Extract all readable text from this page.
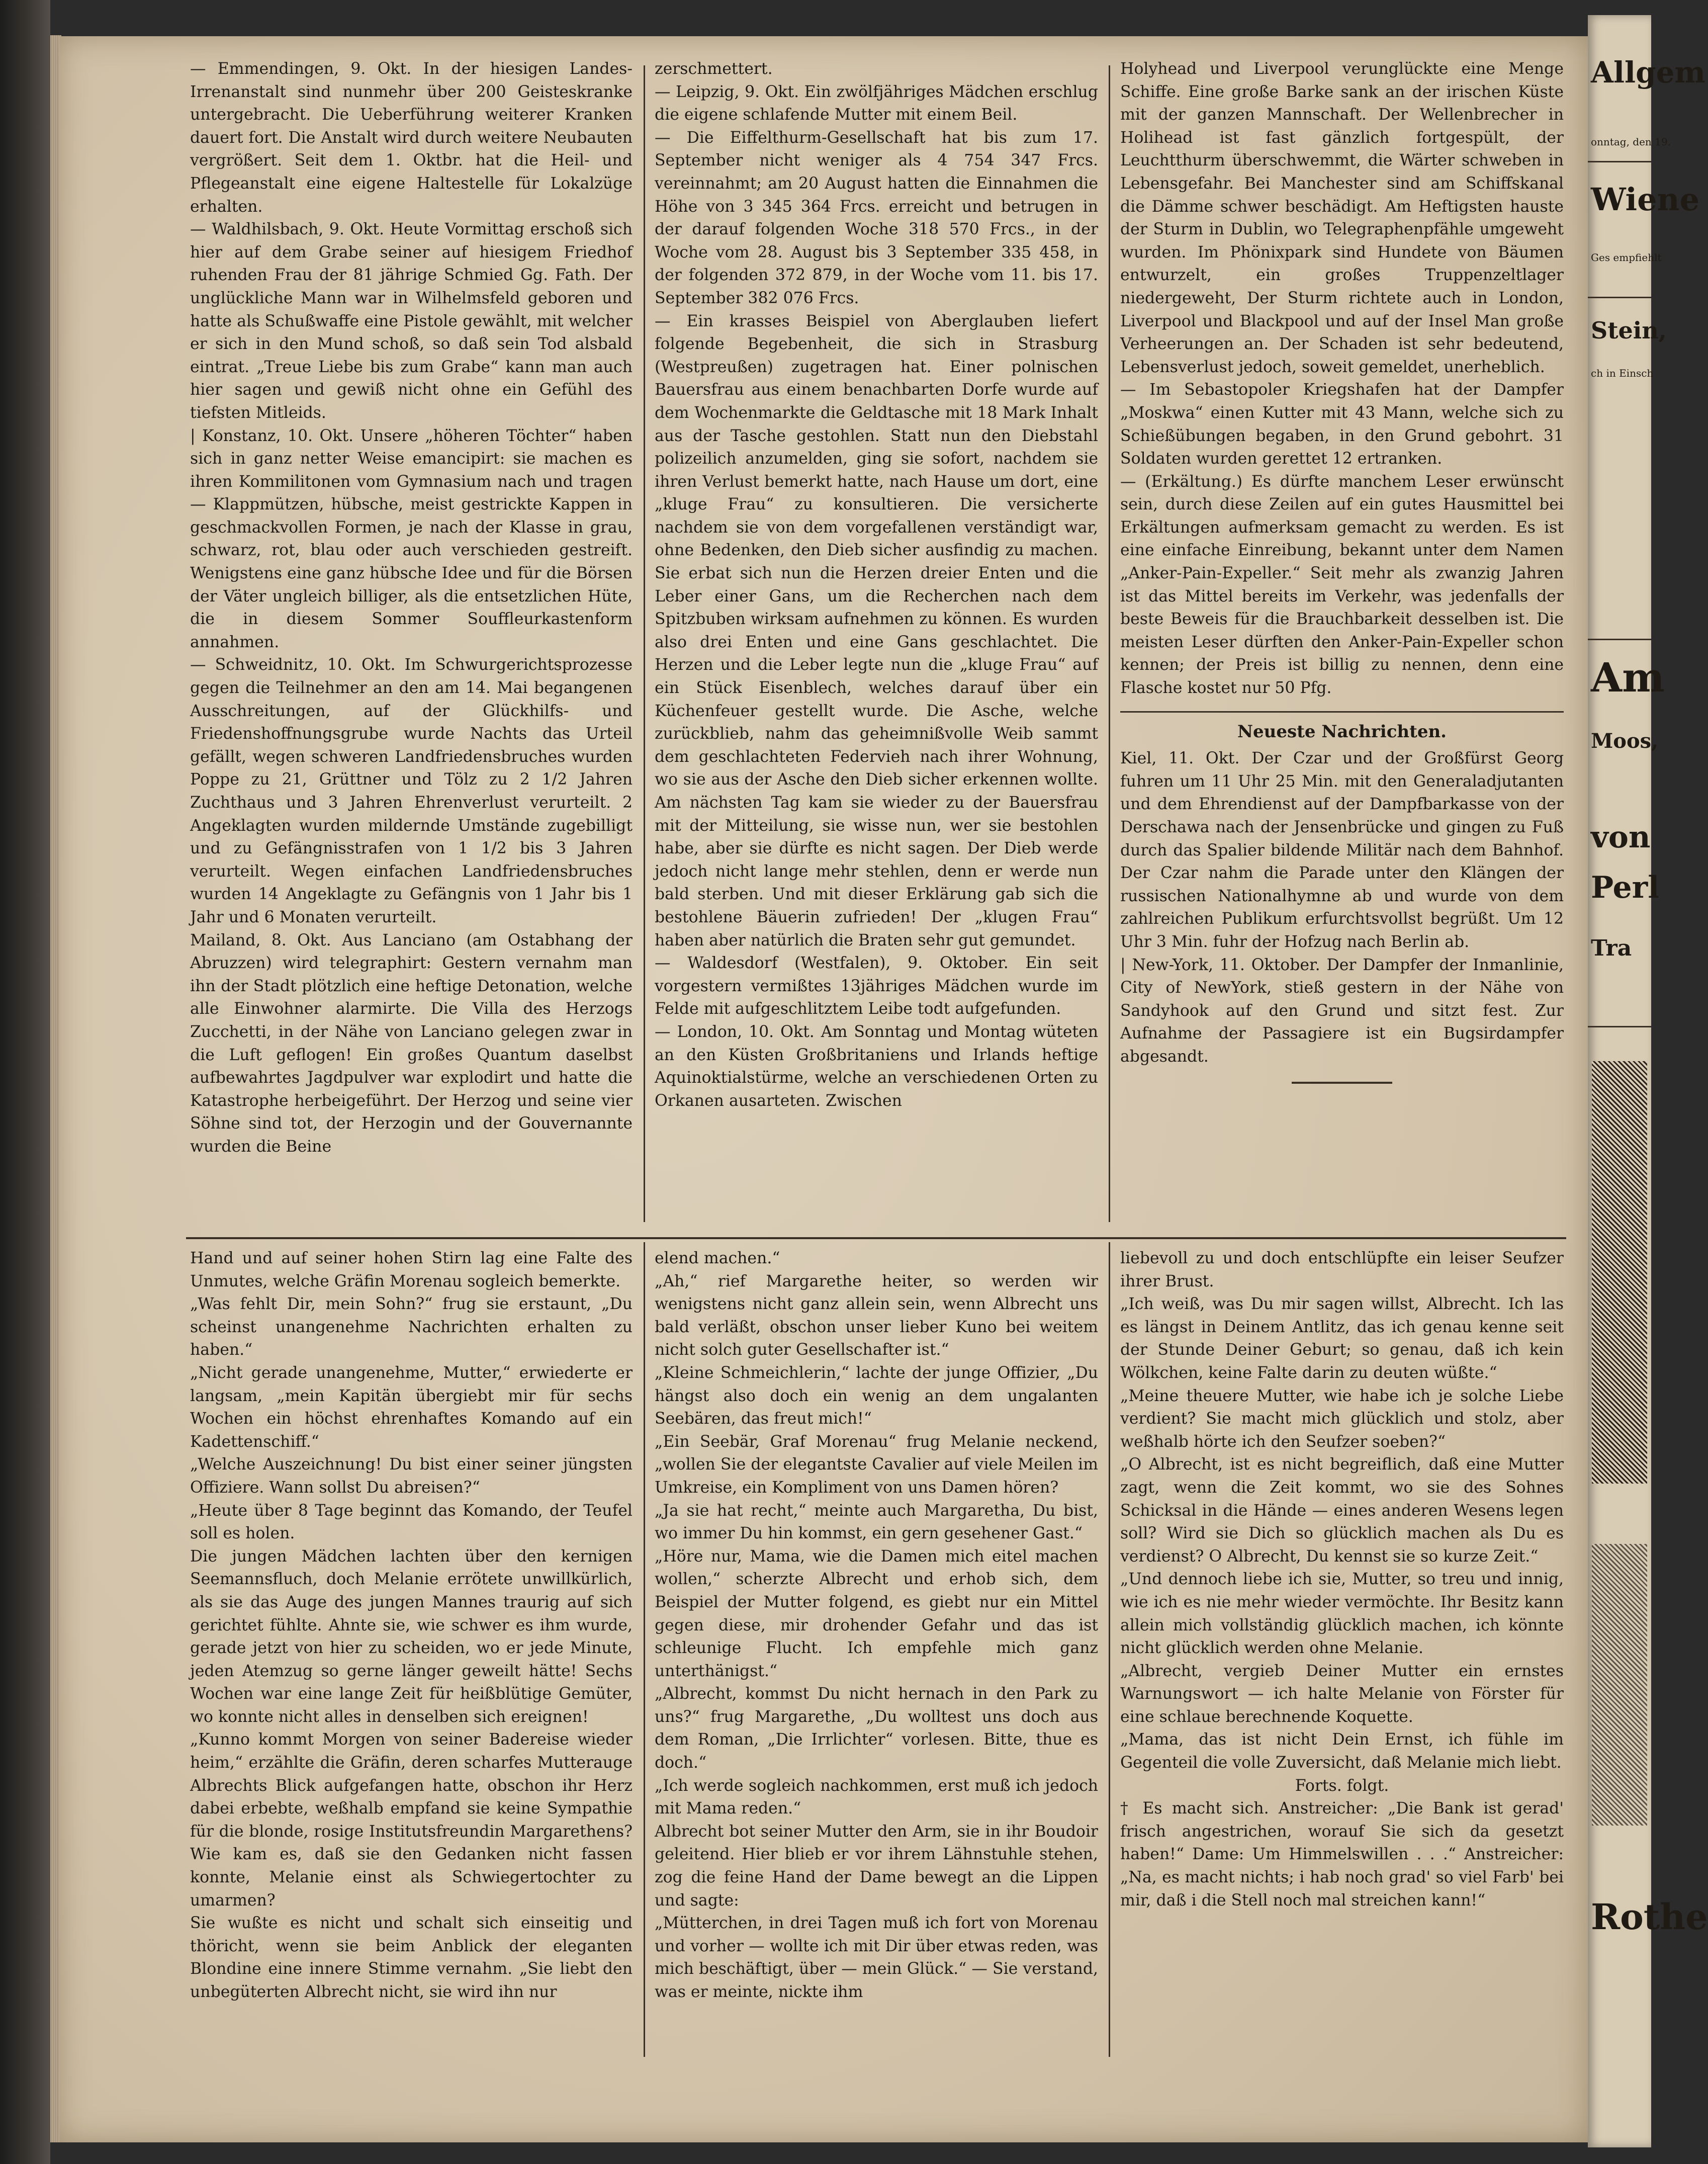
— Emmendingen, 9. Okt. In der hiesigen Landes-Irrenanstalt sind nunmehr über 200 Geisteskranke untergebracht. Die Ueberführung weiterer Kranken dauert fort. Die Anstalt wird durch weitere Neubauten vergrößert. Seit dem 1. Oktbr. hat die Heil- und Pflegeanstalt eine eigene Haltestelle für Lokalzüge erhalten.

— Waldhilsbach, 9. Okt. Heute Vormittag erschoß sich hier auf dem Grabe seiner auf hiesigem Friedhof ruhenden Frau der 81 jährige Schmied Gg. Fath. Der unglückliche Mann war in Wilhelmsfeld geboren und hatte als Schußwaffe eine Pistole gewählt, mit welcher er sich in den Mund schoß, so daß sein Tod alsbald eintrat. „Treue Liebe bis zum Grabe“ kann man auch hier sagen und gewiß nicht ohne ein Gefühl des tiefsten Mitleids.

| Konstanz, 10. Okt. Unsere „höheren Töchter“ haben sich in ganz netter Weise emancipirt: sie machen es ihren Kommilitonen vom Gymnasium nach und tragen — Klappmützen, hübsche, meist gestrickte Kappen in geschmackvollen Formen, je nach der Klasse in grau, schwarz, rot, blau oder auch verschieden gestreift. Wenigstens eine ganz hübsche Idee und für die Börsen der Väter ungleich billiger, als die entsetzlichen Hüte, die in diesem Sommer Souffleurkastenform annahmen.

— Schweidnitz, 10. Okt. Im Schwurgerichtsprozesse gegen die Teilnehmer an den am 14. Mai begangenen Ausschreitungen, auf der Glückhilfs- und Friedenshoffnungsgrube wurde Nachts das Urteil gefällt, wegen schweren Landfriedensbruches wurden Poppe zu 21, Grüttner und Tölz zu 2 1/2 Jahren Zuchthaus und 3 Jahren Ehrenverlust verurteilt. 2 Angeklagten wurden mildernde Umstände zugebilligt und zu Gefängnisstrafen von 1 1/2 bis 3 Jahren verurteilt. Wegen einfachen Landfriedensbruches wurden 14 Angeklagte zu Gefängnis von 1 Jahr bis 1 Jahr und 6 Monaten verurteilt.

Mailand, 8. Okt. Aus Lanciano (am Ostabhang der Abruzzen) wird telegraphirt: Gestern vernahm man ihn der Stadt plötzlich eine heftige Detonation, welche alle Einwohner alarmirte. Die Villa des Herzogs Zucchetti, in der Nähe von Lanciano gelegen zwar in die Luft geflogen! Ein großes Quantum daselbst aufbewahrtes Jagdpulver war explodirt und hatte die Katastrophe herbeigeführt. Der Herzog und seine vier Söhne sind tot, der Herzogin und der Gouvernannte wurden die Beine

zerschmettert.

— Leipzig, 9. Okt. Ein zwölfjähriges Mädchen erschlug die eigene schlafende Mutter mit einem Beil.

— Die Eiffelthurm-Gesellschaft hat bis zum 17. September nicht weniger als 4 754 347 Frcs. vereinnahmt; am 20 August hatten die Einnahmen die Höhe von 3 345 364 Frcs. erreicht und betrugen in der darauf folgenden Woche 318 570 Frcs., in der Woche vom 28. August bis 3 September 335 458, in der folgenden 372 879, in der Woche vom 11. bis 17. September 382 076 Frcs.

— Ein krasses Beispiel von Aberglauben liefert folgende Begebenheit, die sich in Strasburg (Westpreußen) zugetragen hat. Einer polnischen Bauersfrau aus einem benachbarten Dorfe wurde auf dem Wochenmarkte die Geldtasche mit 18 Mark Inhalt aus der Tasche gestohlen. Statt nun den Diebstahl polizeilich anzumelden, ging sie sofort, nachdem sie ihren Verlust bemerkt hatte, nach Hause um dort, eine „kluge Frau“ zu konsultieren. Die versicherte nachdem sie von dem vorgefallenen verständigt war, ohne Bedenken, den Dieb sicher ausfindig zu machen. Sie erbat sich nun die Herzen dreier Enten und die Leber einer Gans, um die Recherchen nach dem Spitzbuben wirksam aufnehmen zu können. Es wurden also drei Enten und eine Gans geschlachtet. Die Herzen und die Leber legte nun die „kluge Frau“ auf ein Stück Eisenblech, welches darauf über ein Küchenfeuer gestellt wurde. Die Asche, welche zurückblieb, nahm das geheimnißvolle Weib sammt dem geschlachteten Federvieh nach ihrer Wohnung, wo sie aus der Asche den Dieb sicher erkennen wollte. Am nächsten Tag kam sie wieder zu der Bauersfrau mit der Mitteilung, sie wisse nun, wer sie bestohlen habe, aber sie dürfte es nicht sagen. Der Dieb werde jedoch nicht lange mehr stehlen, denn er werde nun bald sterben. Und mit dieser Erklärung gab sich die bestohlene Bäuerin zufrieden! Der „klugen Frau“ haben aber natürlich die Braten sehr gut gemundet.

— Waldesdorf (Westfalen), 9. Oktober. Ein seit vorgestern vermißtes 13jähriges Mädchen wurde im Felde mit aufgeschlitztem Leibe todt aufgefunden.

— London, 10. Okt. Am Sonntag und Montag wüteten an den Küsten Großbritaniens und Irlands heftige Aquinoktialstürme, welche an verschiedenen Orten zu Orkanen ausarteten. Zwischen

Holyhead und Liverpool verunglückte eine Menge Schiffe. Eine große Barke sank an der irischen Küste mit der ganzen Mannschaft. Der Wellenbrecher in Holihead ist fast gänzlich fortgespült, der Leuchtthurm überschwemmt, die Wärter schweben in Lebensgefahr. Bei Manchester sind am Schiffskanal die Dämme schwer beschädigt. Am Heftigsten hauste der Sturm in Dublin, wo Telegraphenpfähle umgeweht wurden. Im Phönixpark sind Hundete von Bäumen entwurzelt, ein großes Truppenzeltlager niedergeweht, Der Sturm richtete auch in London, Liverpool und Blackpool und auf der Insel Man große Verheerungen an. Der Schaden ist sehr bedeutend, Lebensverlust jedoch, soweit gemeldet, unerheblich.

— Im Sebastopoler Kriegshafen hat der Dampfer „Moskwa“ einen Kutter mit 43 Mann, welche sich zu Schießübungen begaben, in den Grund gebohrt. 31 Soldaten wurden gerettet 12 ertranken.

— (Erkältung.) Es dürfte manchem Leser erwünscht sein, durch diese Zeilen auf ein gutes Hausmittel bei Erkältungen aufmerksam gemacht zu werden. Es ist eine einfache Einreibung, bekannt unter dem Namen „Anker-Pain-Expeller.“ Seit mehr als zwanzig Jahren ist das Mittel bereits im Verkehr, was jedenfalls der beste Beweis für die Brauchbarkeit desselben ist. Die meisten Leser dürften den Anker-Pain-Expeller schon kennen; der Preis ist billig zu nennen, denn eine Flasche kostet nur 50 Pfg.

Neueste Nachrichten.

Kiel, 11. Okt. Der Czar und der Großfürst Georg fuhren um 11 Uhr 25 Min. mit den Generaladjutanten und dem Ehrendienst auf der Dampfbarkasse von der Derschawa nach der Jensenbrücke und gingen zu Fuß durch das Spalier bildende Militär nach dem Bahnhof. Der Czar nahm die Parade unter den Klängen der russischen Nationalhymne ab und wurde von dem zahlreichen Publikum erfurchtsvollst begrüßt. Um 12 Uhr 3 Min. fuhr der Hofzug nach Berlin ab.

| New-York, 11. Oktober. Der Dampfer der Inmanlinie, City of NewYork, stieß gestern in der Nähe von Sandyhook auf den Grund und sitzt fest. Zur Aufnahme der Passagiere ist ein Bugsirdampfer abgesandt.

Hand und auf seiner hohen Stirn lag eine Falte des Unmutes, welche Gräfin Morenau sogleich bemerkte.

„Was fehlt Dir, mein Sohn?“ frug sie erstaunt, „Du scheinst unangenehme Nachrichten erhalten zu haben.“

„Nicht gerade unangenehme, Mutter,“ erwiederte er langsam, „mein Kapitän übergiebt mir für sechs Wochen ein höchst ehrenhaftes Komando auf ein Kadettenschiff.“

„Welche Auszeichnung! Du bist einer seiner jüngsten Offiziere. Wann sollst Du abreisen?“

„Heute über 8 Tage beginnt das Komando, der Teufel soll es holen.

Die jungen Mädchen lachten über den kernigen Seemannsfluch, doch Melanie errötete unwillkürlich, als sie das Auge des jungen Mannes traurig auf sich gerichtet fühlte. Ahnte sie, wie schwer es ihm wurde, gerade jetzt von hier zu scheiden, wo er jede Minute, jeden Atemzug so gerne länger geweilt hätte! Sechs Wochen war eine lange Zeit für heißblütige Gemüter, wo konnte nicht alles in denselben sich ereignen!

„Kunno kommt Morgen von seiner Badereise wieder heim,“ erzählte die Gräfin, deren scharfes Mutterauge Albrechts Blick aufgefangen hatte, obschon ihr Herz dabei erbebte, weßhalb empfand sie keine Sympathie für die blonde, rosige Institutsfreundin Margarethens? Wie kam es, daß sie den Gedanken nicht fassen konnte, Melanie einst als Schwiegertochter zu umarmen?

Sie wußte es nicht und schalt sich einseitig und thöricht, wenn sie beim Anblick der eleganten Blondine eine innere Stimme vernahm. „Sie liebt den unbegüterten Albrecht nicht, sie wird ihn nur

elend machen.“

„Ah,“ rief Margarethe heiter, so werden wir wenigstens nicht ganz allein sein, wenn Albrecht uns bald verläßt, obschon unser lieber Kuno bei weitem nicht solch guter Gesellschafter ist.“

„Kleine Schmeichlerin,“ lachte der junge Offizier, „Du hängst also doch ein wenig an dem ungalanten Seebären, das freut mich!“

„Ein Seebär, Graf Morenau“ frug Melanie neckend, „wollen Sie der elegantste Cavalier auf viele Meilen im Umkreise, ein Kompliment von uns Damen hören?

„Ja sie hat recht,“ meinte auch Margaretha, Du bist, wo immer Du hin kommst, ein gern gesehener Gast.“

„Höre nur, Mama, wie die Damen mich eitel machen wollen,“ scherzte Albrecht und erhob sich, dem Beispiel der Mutter folgend, es giebt nur ein Mittel gegen diese, mir drohender Gefahr und das ist schleunige Flucht. Ich empfehle mich ganz unterthänigst.“

„Albrecht, kommst Du nicht hernach in den Park zu uns?“ frug Margarethe, „Du wolltest uns doch aus dem Roman, „Die Irrlichter“ vorlesen. Bitte, thue es doch.“

„Ich werde sogleich nachkommen, erst muß ich jedoch mit Mama reden.“

Albrecht bot seiner Mutter den Arm, sie in ihr Boudoir geleitend. Hier blieb er vor ihrem Lähnstuhle stehen, zog die feine Hand der Dame bewegt an die Lippen und sagte:

„Mütterchen, in drei Tagen muß ich fort von Morenau und vorher — wollte ich mit Dir über etwas reden, was mich beschäftigt, über — mein Glück.“ — Sie verstand, was er meinte, nickte ihm

liebevoll zu und doch entschlüpfte ein leiser Seufzer ihrer Brust.

„Ich weiß, was Du mir sagen willst, Albrecht. Ich las es längst in Deinem Antlitz, das ich genau kenne seit der Stunde Deiner Geburt; so genau, daß ich kein Wölkchen, keine Falte darin zu deuten wüßte.“

„Meine theuere Mutter, wie habe ich je solche Liebe verdient? Sie macht mich glücklich und stolz, aber weßhalb hörte ich den Seufzer soeben?“

„O Albrecht, ist es nicht begreiflich, daß eine Mutter zagt, wenn die Zeit kommt, wo sie des Sohnes Schicksal in die Hände — eines anderen Wesens legen soll? Wird sie Dich so glücklich machen als Du es verdienst? O Albrecht, Du kennst sie so kurze Zeit.“

„Und dennoch liebe ich sie, Mutter, so treu und innig, wie ich es nie mehr wieder vermöchte. Ihr Besitz kann allein mich vollständig glücklich machen, ich könnte nicht glücklich werden ohne Melanie.

„Albrecht, vergieb Deiner Mutter ein ernstes Warnungswort — ich halte Melanie von Förster für eine schlaue berechnende Koquette.

„Mama, das ist nicht Dein Ernst, ich fühle im Gegenteil die volle Zuversicht, daß Melanie mich liebt.

Forts. folgt.

† Es macht sich. Anstreicher: „Die Bank ist gerad' frisch angestrichen, worauf Sie sich da gesetzt haben!“ Dame: Um Himmelswillen . . .“ Anstreicher: „Na, es macht nichts; i hab noch grad' so viel Farb' bei mir, daß i die Stell noch mal streichen kann!“

Allgem
onntag, den 19.
Wiene
Ges empfiehlt
Stein,
ch in Einsch
Am
Moos,
von
Perl
Tra
Rothe
